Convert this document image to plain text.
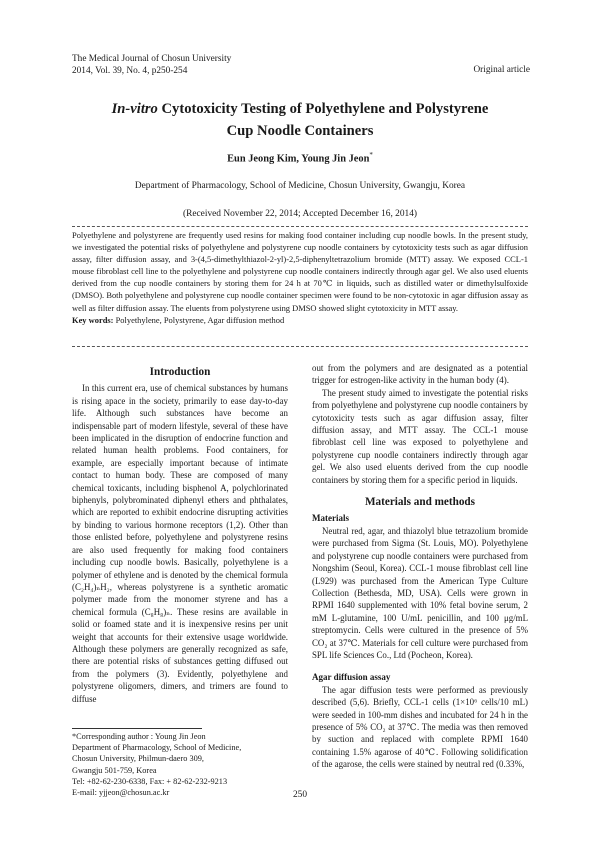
The Medical Journal of Chosun University
2014, Vol. 39, No. 4, p250-254	Original article
In-vitro Cytotoxicity Testing of Polyethylene and Polystyrene
Cup Noodle Containers
Eun Jeong Kim, Young Jin Jeon*
Department of Pharmacology, School of Medicine, Chosun University, Gwangju, Korea
(Received November 22, 2014; Accepted December 16, 2014)
Polyethylene and polystyrene are frequently used resins for making food container including cup noodle bowls. In the present study, we investigated the potential risks of polyethylene and polystyrene cup noodle containers by cytotoxicity tests such as agar diffusion assay, filter diffusion assay, and 3-(4,5-dimethylthiazol-2-yl)-2,5-diphenyltetrazolium bromide (MTT) assay. We exposed CCL-1 mouse fibroblast cell line to the polyethylene and polystyrene cup noodle containers indirectly through agar gel. We also used eluents derived from the cup noodle containers by storing them for 24 h at 70℃ in liquids, such as distilled water or dimethylsulfoxide (DMSO). Both polyethylene and polystyrene cup noodle container specimen were found to be non-cytotoxic in agar diffusion assay as well as filter diffusion assay. The eluents from polystyrene using DMSO showed slight cytotoxicity in MTT assay.
Key words: Polyethylene, Polystyrene, Agar diffusion method
Introduction

In this current era, use of chemical substances by humans is rising apace in the society, primarily to ease day-to-day life. Although such substances have become an indispensable part of modern lifestyle, several of these have been implicated in the disruption of endocrine function and related human health problems. Food containers, for example, are especially important because of intimate contact to human body. These are composed of many chemical toxicants, including bisphenol A, polychlorinated biphenyls, polybrominated diphenyl ethers and phthalates, which are reported to exhibit endocrine disrupting activities by binding to various hormone receptors (1,2). Other than those enlisted before, polyethylene and polystyrene resins are also used frequently for making food containers including cup noodle bowls. Basically, polyethylene is a polymer of ethylene and is denoted by the chemical formula (C₂H₄)ₙH₂, whereas polystyrene is a synthetic aromatic polymer made from the monomer styrene and has a chemical formula (C₈H₈)ₙ. These resins are available in solid or foamed state and it is inexpensive resins per unit weight that accounts for their extensive usage worldwide. Although these polymers are generally recognized as safe, there are potential risks of substances getting diffused out from the polymers (3). Evidently, polyethylene and polystyrene oligomers, dimers, and trimers are found to diffuse

out from the polymers and are designated as a potential trigger for estrogen-like activity in the human body (4).

The present study aimed to investigate the potential risks from polyethylene and polystyrene cup noodle containers by cytotoxicity tests such as agar diffusion assay, filter diffusion assay, and MTT assay. The CCL-1 mouse fibroblast cell line was exposed to polyethylene and polystyrene cup noodle containers indirectly through agar gel. We also used eluents derived from the cup noodle containers by storing them for a specific period in liquids.

Materials and methods
Materials

Neutral red, agar, and thiazolyl blue tetrazolium bromide were purchased from Sigma (St. Louis, MO). Polyethylene and polystyrene cup noodle containers were purchased from Nongshim (Seoul, Korea). CCL-1 mouse fibroblast cell line (L929) was purchased from the American Type Culture Collection (Bethesda, MD, USA). Cells were grown in RPMI 1640 supplemented with 10% fetal bovine serum, 2 mM L-glutamine, 100 U/mL penicillin, and 100 μg/mL streptomycin. Cells were cultured in the presence of 5% CO₂ at 37℃. Materials for cell culture were purchased from SPL life Sciences Co., Ltd (Pocheon, Korea).

Agar diffusion assay

The agar diffusion tests were performed as previously described (5,6). Briefly, CCL-1 cells (1×10⁶ cells/10 mL) were seeded in 100-mm dishes and incubated for 24 h in the presence of 5% CO₂ at 37℃. The media was then removed by suction and replaced with complete RPMI 1640 containing 1.5% agarose of 40℃. Following solidification of the agarose, the cells were stained by neutral red (0.33%,

*Corresponding author : Young Jin Jeon
Department of Pharmacology, School of Medicine,
Chosun University, Philmun-daero 309,
Gwangju 501-759, Korea
Tel: +82-62-230-6338, Fax: + 82-62-232-9213
E-mail: yjjeon@chosun.ac.kr	250
